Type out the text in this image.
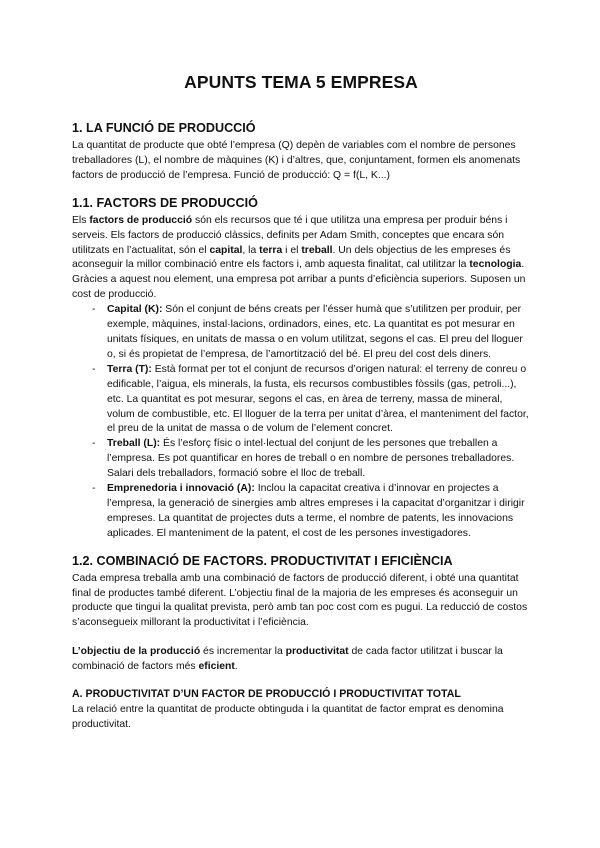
APUNTS TEMA 5 EMPRESA
1. LA FUNCIÓ DE PRODUCCIÓ

La quantitat de producte que obté l’empresa (Q) depèn de variables com el nombre de persones treballadores (L), el nombre de màquines (K) i d’altres, que, conjuntament, formen els anomenats factors de producció de l’empresa. Funció de producció: Q = f(L, K...)

1.1. FACTORS DE PRODUCCIÓ

Els factors de producció són els recursos que té i que utilitza una empresa per produir béns i serveis. Els factors de producció clàssics, definits per Adam Smith, conceptes que encara són utilitzats en l’actualitat, són el capital, la terra i el treball. Un dels objectius de les empreses és aconseguir la millor combinació entre els factors i, amb aquesta finalitat, cal utilitzar la tecnologia. Gràcies a aquest nou element, una empresa pot arribar a punts d’eficiència superiors. Suposen un cost de producció.

- Capital (K): Són el conjunt de béns creats per l’ésser humà que s’utilitzen per produir, per exemple, màquines, instal·lacions, ordinadors, eines, etc. La quantitat es pot mesurar en unitats físiques, en unitats de massa o en volum utilitzat, segons el cas. El preu del lloguer o, si és propietat de l’empresa, de l’amortització del bé. El preu del cost dels diners.
- Terra (T): Està format per tot el conjunt de recursos d’origen natural: el terreny de conreu o edificable, l’aigua, els minerals, la fusta, els recursos combustibles fòssils (gas, petroli...), etc. La quantitat es pot mesurar, segons el cas, en àrea de terreny, massa de mineral, volum de combustible, etc. El lloguer de la terra per unitat d’àrea, el manteniment del factor, el preu de la unitat de massa o de volum de l’element concret.
- Treball (L): És l’esforç físic o intel·lectual del conjunt de les persones que treballen a l’empresa. Es pot quantificar en hores de treball o en nombre de persones treballadores. Salari dels treballadors, formació sobre el lloc de treball.
- Emprenedoria i innovació (A): Inclou la capacitat creativa i d’innovar en projectes a l’empresa, la generació de sinergies amb altres empreses i la capacitat d’organitzar i dirigir empreses. La quantitat de projectes duts a terme, el nombre de patents, les innovacions aplicades. El manteniment de la patent, el cost de les persones investigadores.
1.2. COMBINACIÓ DE FACTORS. PRODUCTIVITAT I EFICIÈNCIA

Cada empresa treballa amb una combinació de factors de producció diferent, i obté una quantitat final de productes també diferent. L’objectiu final de la majoria de les empreses és aconseguir un producte que tingui la qualitat prevista, però amb tan poc cost com es pugui. La reducció de costos s’aconsegueix millorant la productivitat i l’eficiència.

L’objectiu de la producció és incrementar la productivitat de cada factor utilitzat i buscar la combinació de factors més eficient.

A. PRODUCTIVITAT D’UN FACTOR DE PRODUCCIÓ I PRODUCTIVITAT TOTAL

La relació entre la quantitat de producte obtinguda i la quantitat de factor emprat es denomina productivitat.
